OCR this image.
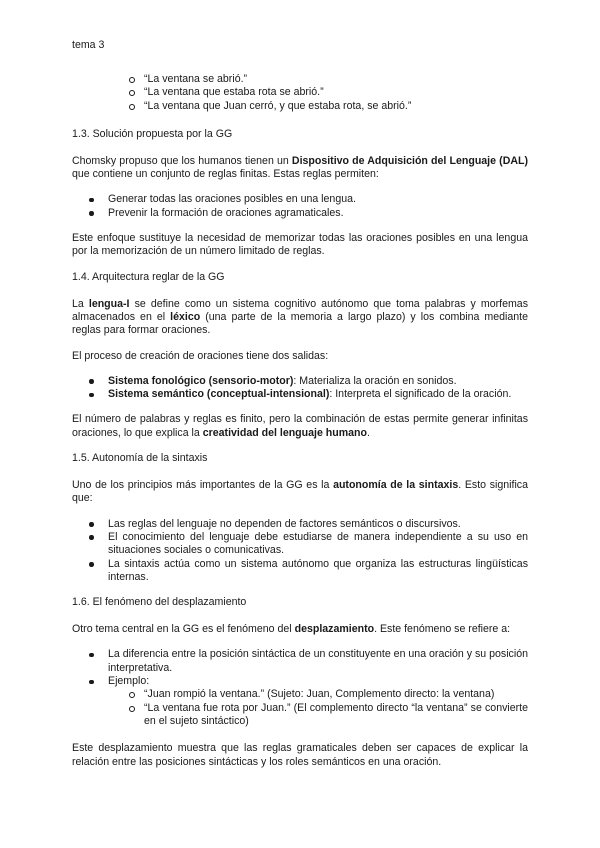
tema 3
“La ventana se abrió.”
“La ventana que estaba rota se abrió.”
“La ventana que Juan cerró, y que estaba rota, se abrió.”

1.3. Solución propuesta por la GG

Chomsky propuso que los humanos tienen un Dispositivo de Adquisición del Lenguaje (DAL) que contiene un conjunto de reglas finitas. Estas reglas permiten:

Generar todas las oraciones posibles en una lengua.
Prevenir la formación de oraciones agramaticales.

Este enfoque sustituye la necesidad de memorizar todas las oraciones posibles en una lengua por la memorización de un número limitado de reglas.

1.4. Arquitectura reglar de la GG

La lengua-I se define como un sistema cognitivo autónomo que toma palabras y morfemas almacenados en el léxico (una parte de la memoria a largo plazo) y los combina mediante reglas para formar oraciones.

El proceso de creación de oraciones tiene dos salidas:

Sistema fonológico (sensorio-motor): Materializa la oración en sonidos.
Sistema semántico (conceptual-intensional): Interpreta el significado de la oración.

El número de palabras y reglas es finito, pero la combinación de estas permite generar infinitas oraciones, lo que explica la creatividad del lenguaje humano.

1.5. Autonomía de la sintaxis

Uno de los principios más importantes de la GG es la autonomía de la sintaxis. Esto significa que:

Las reglas del lenguaje no dependen de factores semánticos o discursivos.
El conocimiento del lenguaje debe estudiarse de manera independiente a su uso en situaciones sociales o comunicativas.
La sintaxis actúa como un sistema autónomo que organiza las estructuras lingüísticas internas.

1.6. El fenómeno del desplazamiento

Otro tema central en la GG es el fenómeno del desplazamiento. Este fenómeno se refiere a:

La diferencia entre la posición sintáctica de un constituyente en una oración y su posición interpretativa.
Ejemplo:
“Juan rompió la ventana.” (Sujeto: Juan, Complemento directo: la ventana)
“La ventana fue rota por Juan.” (El complemento directo “la ventana” se convierte en el sujeto sintáctico)

Este desplazamiento muestra que las reglas gramaticales deben ser capaces de explicar la relación entre las posiciones sintácticas y los roles semánticos en una oración.
